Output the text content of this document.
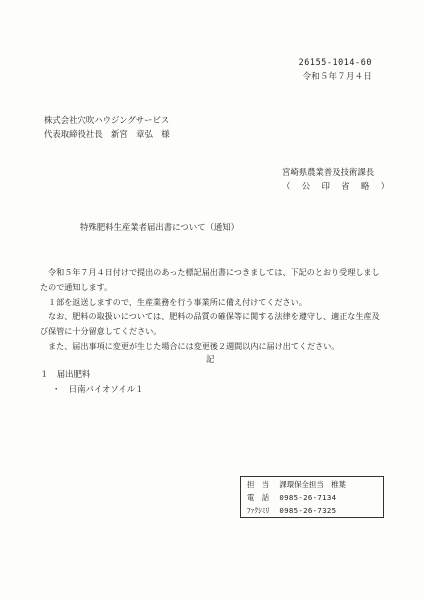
26155-1014-60
令和５年７月４日
株式会社穴吹ハウジングサービス
代表取締役社長　新宮　章弘　様
宮崎県農業普及技術課長
（　公　印　省　略　）
特殊肥料生産業者届出書について（通知）

令和５年７月４日付けで提出のあった標記届出書につきましては、下記のとおり受理しましたので通知します。

１部を返送しますので、生産業務を行う事業所に備え付けてください。

なお、肥料の取扱いについては、肥料の品質の確保等に関する法律を遵守し、適正な生産及び保管に十分留意してください。

また、届出事項に変更が生じた場合には変更後２週間以内に届け出てください。

記
１　届出肥料
・　日南バイオソイル１
担　当 課環保全担当　椎葉
電　話 0985-26-7134
ﾌｧｸｼﾐﾘ 0985-26-7325
